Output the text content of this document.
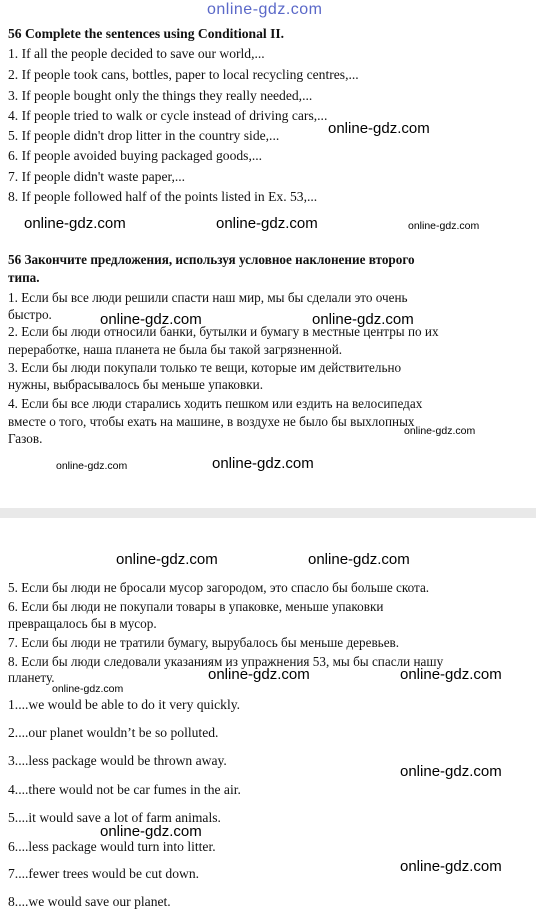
online-gdz.com
56 Complete the sentences using Conditional II.
1. If all the people decided to save our world,...
2. If people took cans, bottles, paper to local recycling centres,...
3. If people bought only the things they really needed,...
4. If people tried to walk or cycle instead of driving cars,...
5. If people didn't drop litter in the country side,...
6. If people avoided buying packaged goods,...
7. If people didn't waste paper,...
8. If people followed half of the points listed in Ex. 53,...
online-gdz.com
online-gdz.com	online-gdz.com	online-gdz.com
56 Закончите предложения, используя условное наклонение второго
типа.
1. Если бы все люди решили спасти наш мир, мы бы сделали это очень
быстро.
2. Если бы люди относили банки, бутылки и бумагу в местные центры по их
переработке, наша планета не была бы такой загрязненной.
3. Если бы люди покупали только те вещи, которые им действительно
нужны, выбрасывалось бы меньше упаковки.
4. Если бы все люди старались ходить пешком или ездить на велосипедах
вместе о того, чтобы ехать на машине, в воздухе не было бы выхлопных
Газов.
online-gdz.com	online-gdz.com
online-gdz.com
online-gdz.com	online-gdz.com
online-gdz.com	online-gdz.com
5. Если бы люди не бросали мусор загородом, это спасло бы больше скота.
6. Если бы люди не покупали товары в упаковке, меньше упаковки
превращалось бы в мусор.
7. Если бы люди не тратили бумагу, вырубалось бы меньше деревьев.
8. Если бы люди следовали указаниям из упражнения 53, мы бы спасли нашу
планету.	online-gdz.com	online-gdz.com
online-gdz.com
1....we would be able to do it very quickly.
2....our planet wouldn’t be so polluted.
3....less package would be thrown away.
4....there would not be car fumes in the air.
5....it would save a lot of farm animals.
6....less package would turn into litter.
7....fewer trees would be cut down.
8....we would save our planet.
online-gdz.com
online-gdz.com
online-gdz.com
